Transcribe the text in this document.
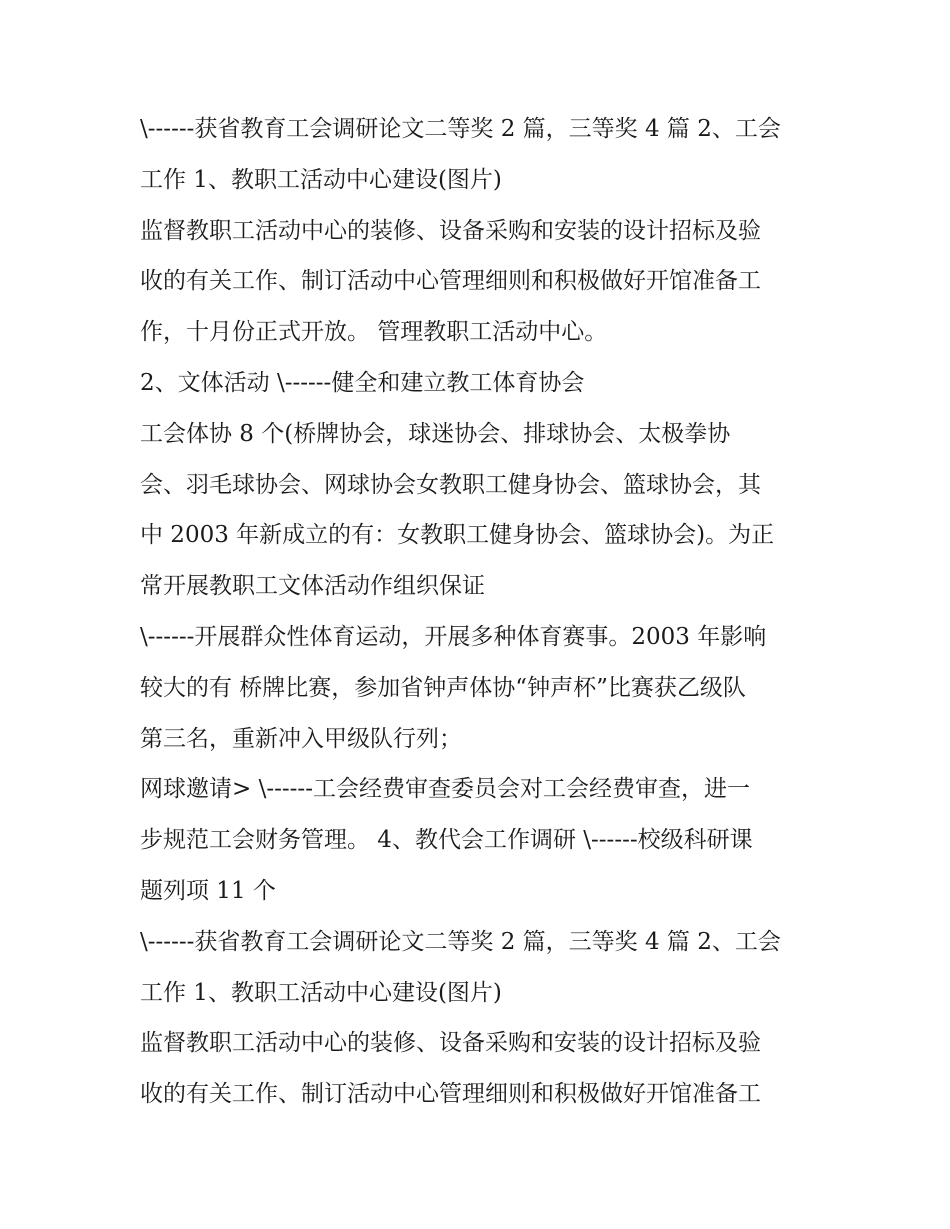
\------获省教育工会调研论文二等奖 2 篇，三等奖 4 篇 2、工会
工作 1、教职工活动中心建设(图片)
监督教职工活动中心的装修、设备采购和安装的设计招标及验
收的有关工作、制订活动中心管理细则和积极做好开馆准备工
作，十月份正式开放。 管理教职工活动中心。
2、文体活动 \------健全和建立教工体育协会
工会体协 8 个(桥牌协会，球迷协会、排球协会、太极拳协
会、羽毛球协会、网球协会女教职工健身协会、篮球协会，其
中 2003 年新成立的有：女教职工健身协会、篮球协会)。为正
常开展教职工文体活动作组织保证
\------开展群众性体育运动，开展多种体育赛事。2003 年影响
较大的有 桥牌比赛，参加省钟声体协“钟声杯”比赛获乙级队
第三名，重新冲入甲级队行列；
网球邀请> \------工会经费审查委员会对工会经费审查，进一
步规范工会财务管理。 4、教代会工作调研 \------校级科研课
题列项 11 个
\------获省教育工会调研论文二等奖 2 篇，三等奖 4 篇 2、工会
工作 1、教职工活动中心建设(图片)
监督教职工活动中心的装修、设备采购和安装的设计招标及验
收的有关工作、制订活动中心管理细则和积极做好开馆准备工
